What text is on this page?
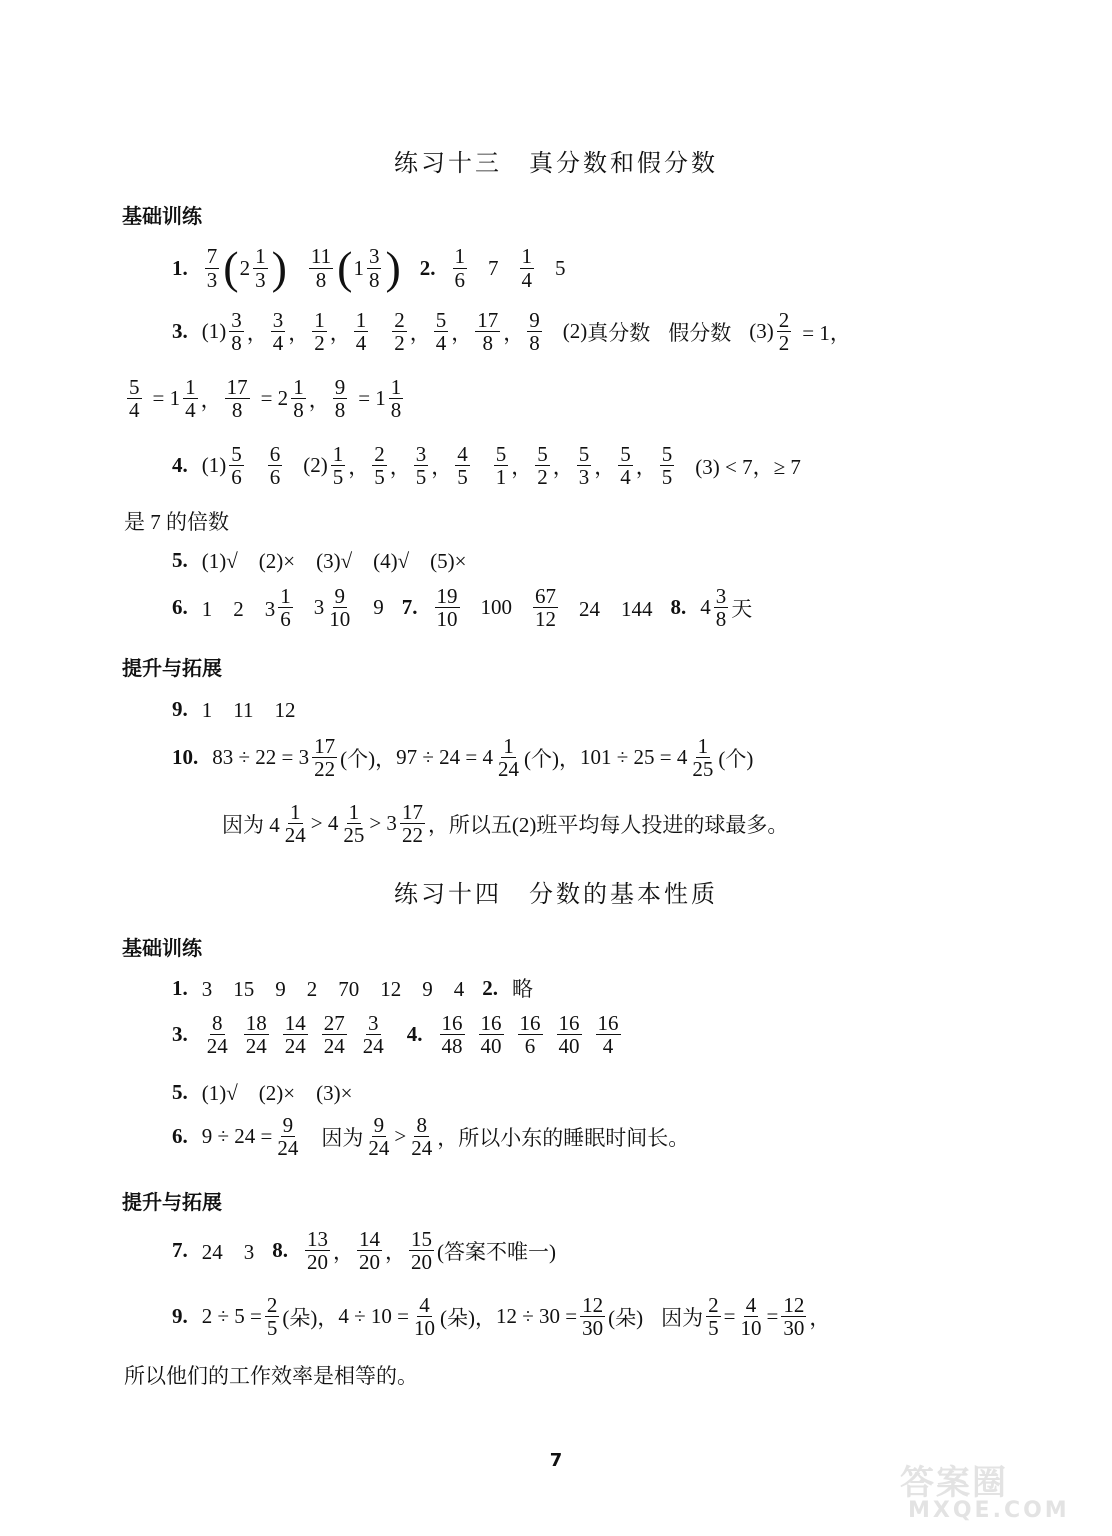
练习十三　真分数和假分数
基础训练
1. 7
3 ( 2 1
3 ) 11
8 ( 1 3
8 ) 2. 1
6 7 1
4 5
3. (1) 3
8 ，
3
4 ，
1
2 ，
1
4
2
2 ，
5
4 ，
17
8 ，
9
8 (2) 真分数 假分数 (3) 2
2 = 1，
5
4 = 1 1
4 ，
17
8 = 2 1
8 ，
9
8 = 1 1
8
4. (1) 5
6
6
6 (2) 1
5 ，
2
5 ，
3
5 ，
4
5
5
1 ，
5
2 ，
5
3 ，
5
4 ，
5
5 (3) < 7，≥ 7
是 7 的倍数
5. (1)√　(2)×　(3)√　(4)√　(5)×
6. 1　2　3
1
6 3 9
10 9 7. 19
10 100 67
12 24　144 8. 4 3
8 天
提升与拓展
9. 1　11　12
10. 83 ÷ 22 = 3 17
22 (个)， 97 ÷ 24 = 4 1
24 (个)， 101 ÷ 25 = 4 1
25 (个)
因为 4
1
24 > 4 1
25 > 3 17
22 ，所以五(2)班平均每人投进的球最多。
练习十四　分数的基本性质
基础训练
1. 3　15　9　2　70　12　9　4 2. 略
3. 8
24
18
24
14
24
27
24
3
24 4. 16
48
16
40
16
6
16
40
16
4
5. (1)√　(2)×　(3)×
6. $9 \div 24 = \frac{9}{24}$ 因为
9
24 > 8
24 ，所以小东的睡眠时间长。
提升与拓展
7. 24　3 8. 13
20 ，
14
20 ，
15
20 (答案不唯一)
9. $2 \div 5 = \frac{2}{5}$ (朵)， $4 \div 10 = \frac{4}{10}$ (朵)， $12 \div 30 = \frac{12}{30}$ (朵) 因为 $\frac{2}{5} = \frac{4}{10} = \frac{12}{30}$ ，
所以他们的工作效率是相等的。
7
答案圈
MXQE.COM
